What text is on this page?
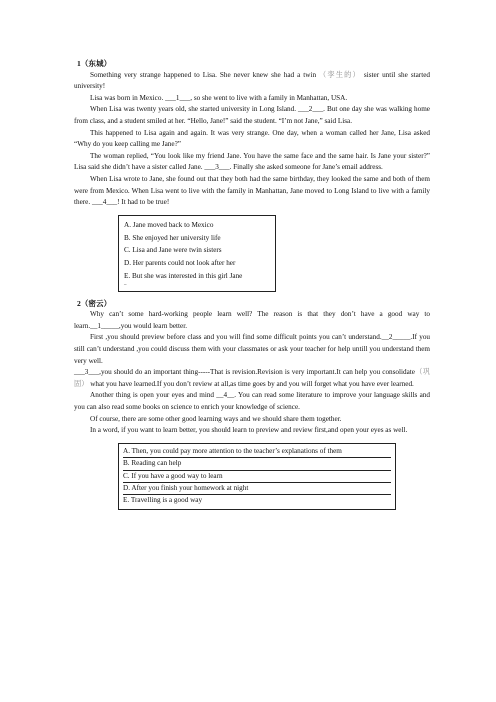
1（东城）

Something very strange happened to Lisa. She never knew she had a twin （孪生的） sister until she started university!

Lisa was born in Mexico. ___1___, so she went to live with a family in Manhattan, USA.

When Lisa was twenty years old, she started university in Long Island. ___2___. But one day she was walking home from class, and a student smiled at her. “Hello, Jane!” said the student. “I’m not Jane,” said Lisa.

This happened to Lisa again and again. It was very strange. One day, when a woman called her Jane, Lisa asked “Why do you keep calling me Jane?”

The woman replied, “You look like my friend Jane. You have the same face and the same hair. Is Jane your sister?” Lisa said she didn’t have a sister called Jane. ___3___. Finally she asked someone for Jane’s email address.

When Lisa wrote to Jane, she found out that they both had the same birthday, they looked the same and both of them were from Mexico. When Lisa went to live with the family in Manhattan, Jane moved to Long Island to live with a family there. ___4___! It had to be true!

A. Jane moved back to Mexico
B. She enjoyed her university life
C. Lisa and Jane were twin sisters
D. Her parents could not look after her
E. But she was interested in this girl Jane
–
2（密云）

Why can’t some hard-working people learn well? The reason is that they don’t have a good way to learn.__1_____,you would learn better.

First ,you should preview before class and you will find some difficult points you can’t understand.__2_____.If you still can’t understand ,you could discuss them with your classmates or ask your teacher for help untill you understand them very well.

___3___,you should do an important thing-----That is revision.Revision is very important.It can help you consolidate（巩固） what you have learned.If you don’t review at all,as time goes by and you will forget what you have ever learned.

Another thing is open your eyes and mind __4__. You can read some literature to improve your language skills and you can also read some books on science to enrich your knowledge of science.

Of course, there are some other good learning ways and we should share them together.

In a word, if you want to learn better, you should learn to preview and review first,and open your eyes as well.

A. Then, you could pay more attention to the teacher’s explanations of them
B. Reading can help
C. If you have a good way to learn
D. After you finish your homework at night
E. Travelling is a good way
